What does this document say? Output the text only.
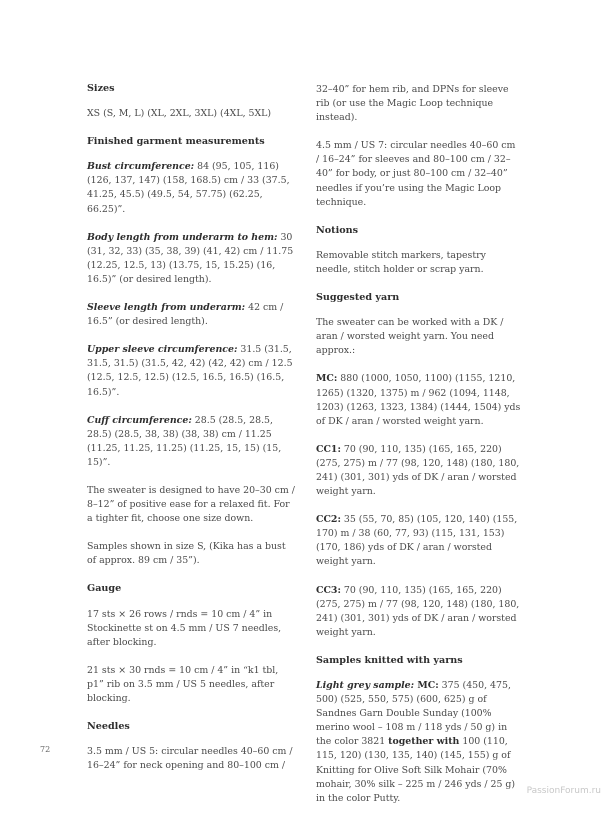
Sizes

XS (S, M, L) (XL, 2XL, 3XL) (4XL, 5XL)

Finished garment measurements

Bust circumference: 84 (95, 105, 116) (126, 137, 147) (158, 168.5) cm / 33 (37.5, 41.25, 45.5) (49.5, 54, 57.75) (62.25, 66.25)”.

Body length from underarm to hem: 30 (31, 32, 33) (35, 38, 39) (41, 42) cm / 11.75 (12.25, 12.5, 13) (13.75, 15, 15.25) (16, 16.5)” (or desired length).

Sleeve length from underarm: 42 cm / 16.5” (or desired length).

Upper sleeve circumference: 31.5 (31.5, 31.5, 31.5) (31.5, 42, 42) (42, 42) cm / 12.5 (12.5, 12.5, 12.5) (12.5, 16.5, 16.5) (16.5, 16.5)”.

Cuff circumference: 28.5 (28.5, 28.5, 28.5) (28.5, 38, 38) (38, 38) cm / 11.25 (11.25, 11.25, 11.25) (11.25, 15, 15) (15, 15)”.

The sweater is designed to have 20–30 cm / 8–12” of positive ease for a relaxed fit. For a tighter fit, choose one size down.

Samples shown in size S, (Kika has a bust of approx. 89 cm / 35”).

Gauge

17 sts × 26 rows / rnds = 10 cm / 4” in Stockinette st on 4.5 mm / US 7 needles, after blocking.

21 sts × 30 rnds = 10 cm / 4” in “k1 tbl, p1” rib on 3.5 mm / US 5 needles, after blocking.

Needles

3.5 mm / US 5: circular needles 40–60 cm / 16–24” for neck opening and 80–100 cm /

32–40” for hem rib, and DPNs for sleeve rib (or use the Magic Loop technique instead).

4.5 mm / US 7: circular needles 40–60 cm / 16–24” for sleeves and 80–100 cm / 32–40” for body, or just 80–100 cm / 32–40” needles if you’re using the Magic Loop technique.

Notions

Removable stitch markers, tapestry needle, stitch holder or scrap yarn.

Suggested yarn

The sweater can be worked with a DK / aran / worsted weight yarn. You need approx.:

MC: 880 (1000, 1050, 1100) (1155, 1210, 1265) (1320, 1375) m / 962 (1094, 1148, 1203) (1263, 1323, 1384) (1444, 1504) yds of DK / aran / worsted weight yarn.

CC1: 70 (90, 110, 135) (165, 165, 220) (275, 275) m / 77 (98, 120, 148) (180, 180, 241) (301, 301) yds of DK / aran / worsted weight yarn.

CC2: 35 (55, 70, 85) (105, 120, 140) (155, 170) m / 38 (60, 77, 93) (115, 131, 153) (170, 186) yds of DK / aran / worsted weight yarn.

CC3: 70 (90, 110, 135) (165, 165, 220) (275, 275) m / 77 (98, 120, 148) (180, 180, 241) (301, 301) yds of DK / aran / worsted weight yarn.

Samples knitted with yarns

Light grey sample: MC: 375 (450, 475, 500) (525, 550, 575) (600, 625) g of Sandnes Garn Double Sunday (100% merino wool – 108 m / 118 yds / 50 g) in the color 3821 together with 100 (110, 115, 120) (130, 135, 140) (145, 155) g of Knitting for Olive Soft Silk Mohair (70% mohair, 30% silk – 225 m / 246 yds / 25 g) in the color Putty.

72
PassionForum.ru
